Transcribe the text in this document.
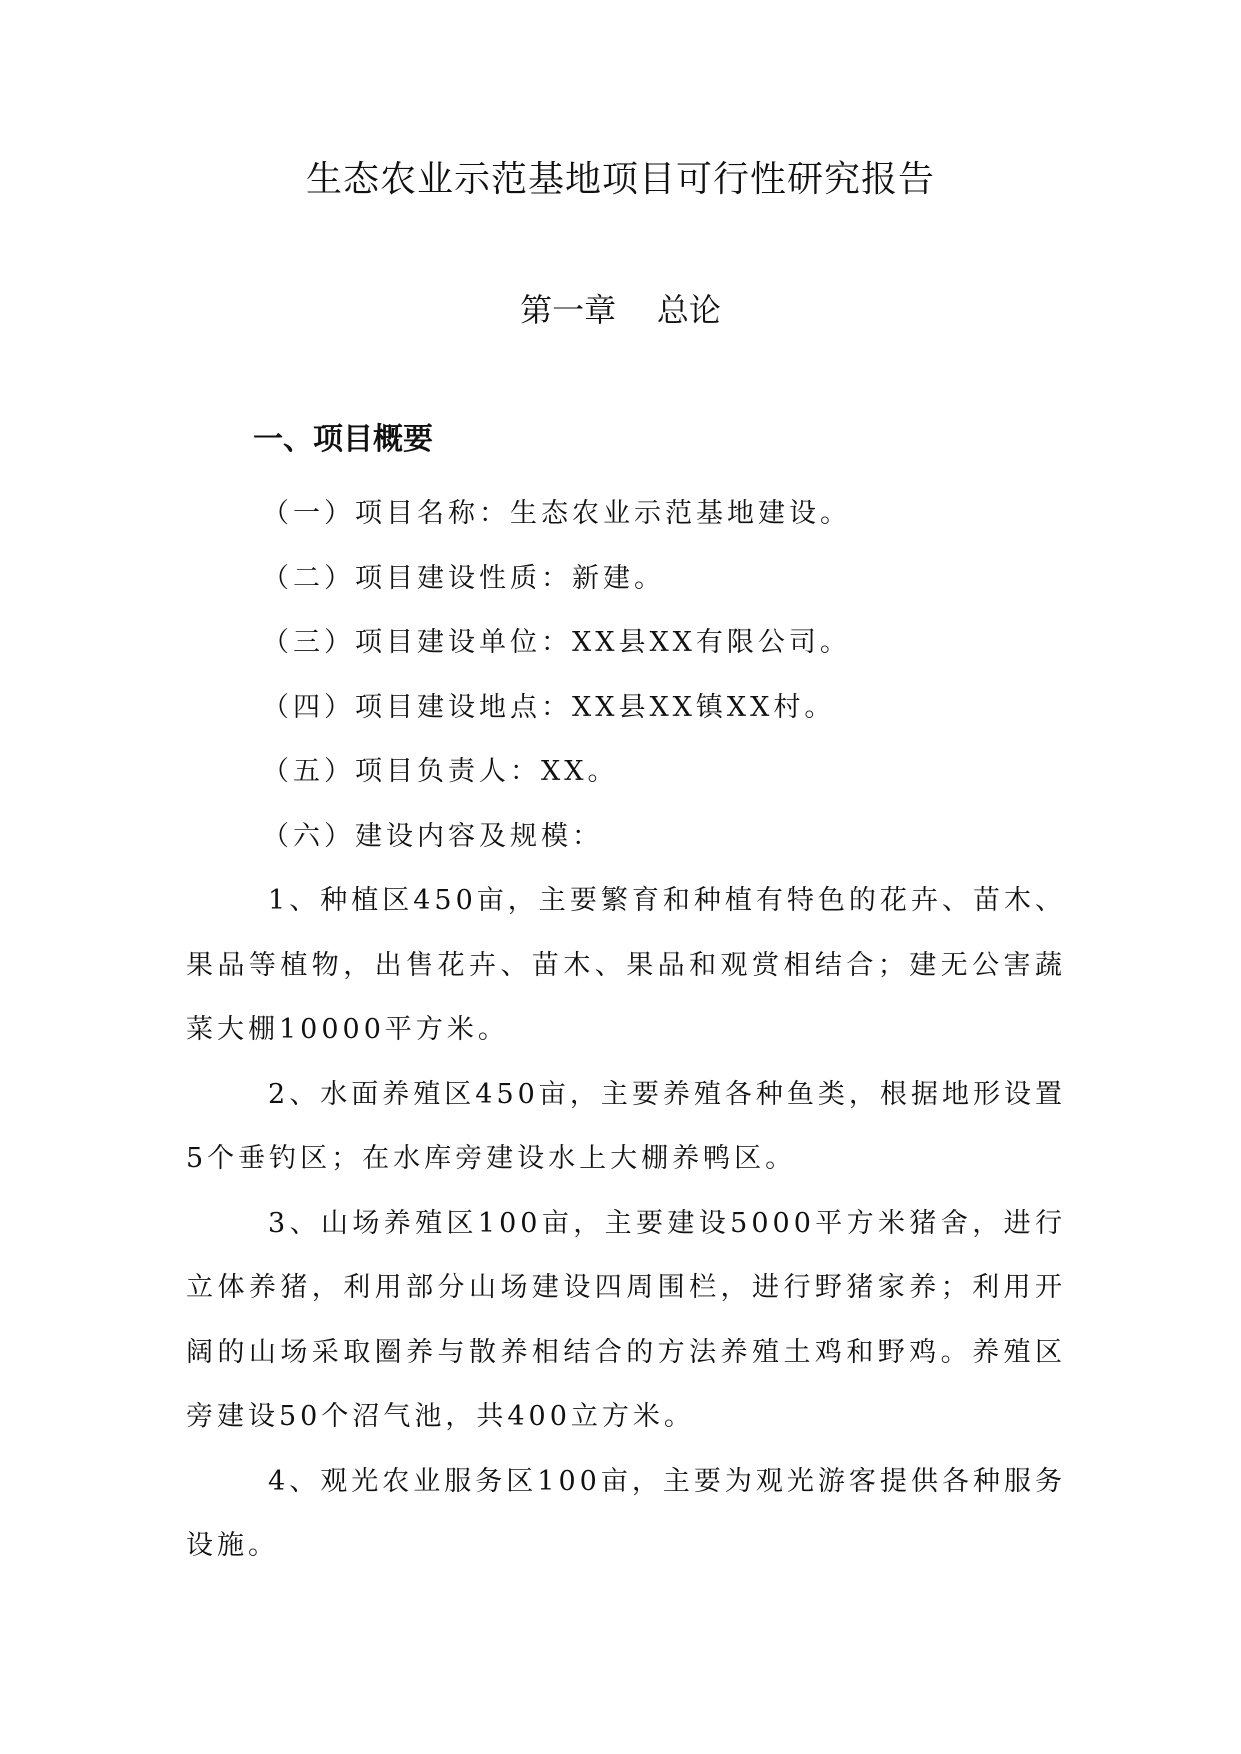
生态农业示范基地项目可行性研究报告
第一章    总论
一、项目概要

（一）项目名称：生态农业示范基地建设。

（二）项目建设性质：新建。

（三）项目建设单位：XX县XX有限公司。

（四）项目建设地点：XX县XX镇XX村。

（五）项目负责人：XX。

（六）建设内容及规模：

1、种植区450亩，主要繁育和种植有特色的花卉、苗木、果品等植物，出售花卉、苗木、果品和观赏相结合；建无公害蔬菜大棚10000平方米。

2、水面养殖区450亩，主要养殖各种鱼类，根据地形设置5个垂钓区；在水库旁建设水上大棚养鸭区。

3、山场养殖区100亩，主要建设5000平方米猪舍，进行立体养猪，利用部分山场建设四周围栏，进行野猪家养；利用开阔的山场采取圈养与散养相结合的方法养殖土鸡和野鸡。养殖区旁建设50个沼气池，共400立方米。

4、观光农业服务区100亩，主要为观光游客提供各种服务设施。
